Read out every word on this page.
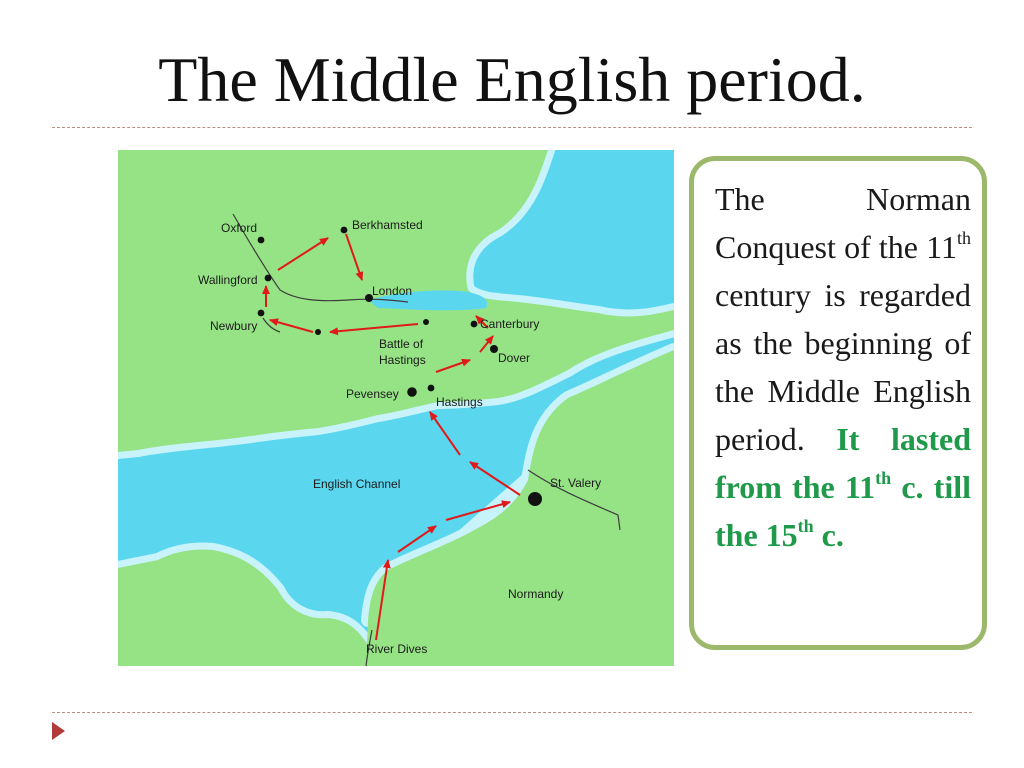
The Middle English period.
Oxford	Berkhamsted
Wallingford
London
Newbury	Canterbury
Battle of
Hastings	Dover
Pevensey
Hastings
English Channel	St. Valery
Normandy
River Dives
The Norman Conquest of the 11th century is regarded as the beginning of the Middle English period. It lasted from the 11th c. till the 15th c.
